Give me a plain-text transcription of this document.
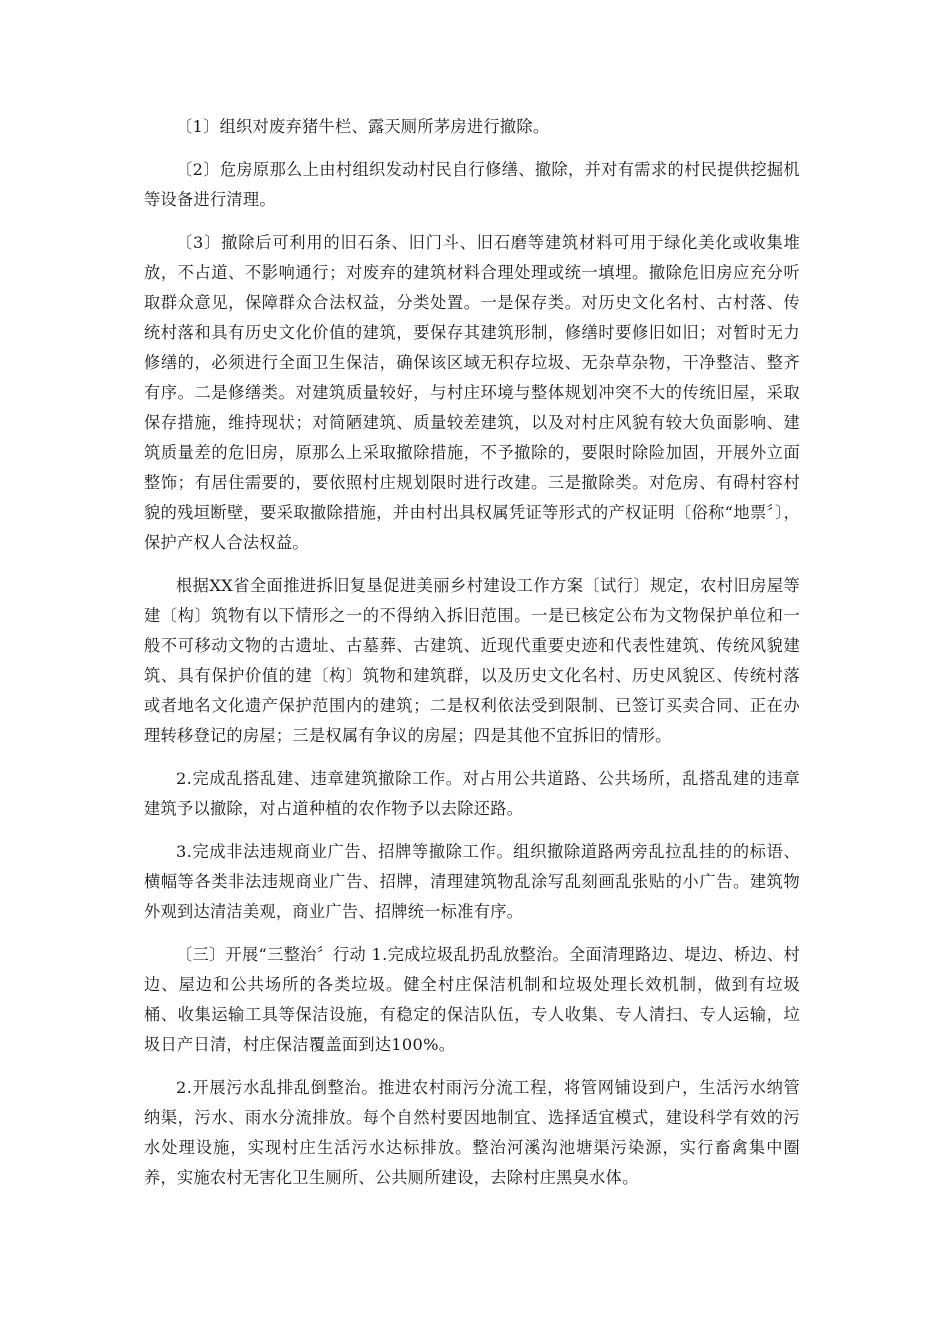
〔1〕组织对废弃猪牛栏、露天厕所茅房进行撤除。

〔2〕危房原那么上由村组织发动村民自行修缮、撤除，并对有需求的村民提供挖掘机等设备进行清理。

〔3〕撤除后可利用的旧石条、旧门斗、旧石磨等建筑材料可用于绿化美化或收集堆放，不占道、不影响通行；对废弃的建筑材料合理处理或统一填埋。撤除危旧房应充分听取群众意见，保障群众合法权益，分类处置。一是保存类。对历史文化名村、古村落、传统村落和具有历史文化价值的建筑，要保存其建筑形制，修缮时要修旧如旧；对暂时无力修缮的，必须进行全面卫生保洁，确保该区域无积存垃圾、无杂草杂物，干净整洁、整齐有序。二是修缮类。对建筑质量较好，与村庄环境与整体规划冲突不大的传统旧屋，采取保存措施，维持现状；对简陋建筑、质量较差建筑，以及对村庄风貌有较大负面影响、建筑质量差的危旧房，原那么上采取撤除措施，不予撤除的，要限时除险加固，开展外立面整饰；有居住需要的，要依照村庄规划限时进行改建。三是撤除类。对危房、有碍村容村貌的残垣断壁，要采取撤除措施，并由村出具权属凭证等形式的产权证明〔俗称“地票〞〕，保护产权人合法权益。

根据XX省全面推进拆旧复垦促进美丽乡村建设工作方案〔试行〕规定，农村旧房屋等建〔构〕筑物有以下情形之一的不得纳入拆旧范围。一是已核定公布为文物保护单位和一般不可移动文物的古遗址、古墓葬、古建筑、近现代重要史迹和代表性建筑、传统风貌建筑、具有保护价值的建〔构〕筑物和建筑群，以及历史文化名村、历史风貌区、传统村落或者地名文化遗产保护范围内的建筑；二是权利依法受到限制、已签订买卖合同、正在办理转移登记的房屋；三是权属有争议的房屋；四是其他不宜拆旧的情形。

2.完成乱搭乱建、违章建筑撤除工作。对占用公共道路、公共场所，乱搭乱建的违章建筑予以撤除，对占道种植的农作物予以去除还路。

3.完成非法违规商业广告、招牌等撤除工作。组织撤除道路两旁乱拉乱挂的的标语、横幅等各类非法违规商业广告、招牌，清理建筑物乱涂写乱刻画乱张贴的小广告。建筑物外观到达清洁美观，商业广告、招牌统一标准有序。

〔三〕开展“三整治〞行动 1.完成垃圾乱扔乱放整治。全面清理路边、堤边、桥边、村边、屋边和公共场所的各类垃圾。健全村庄保洁机制和垃圾处理长效机制，做到有垃圾桶、收集运输工具等保洁设施，有稳定的保洁队伍，专人收集、专人清扫、专人运输，垃圾日产日清，村庄保洁覆盖面到达100%。

2.开展污水乱排乱倒整治。推进农村雨污分流工程，将管网铺设到户，生活污水纳管纳渠，污水、雨水分流排放。每个自然村要因地制宜、选择适宜模式，建设科学有效的污水处理设施，实现村庄生活污水达标排放。整治河溪沟池塘渠污染源，实行畜禽集中圈养，实施农村无害化卫生厕所、公共厕所建设，去除村庄黑臭水体。
